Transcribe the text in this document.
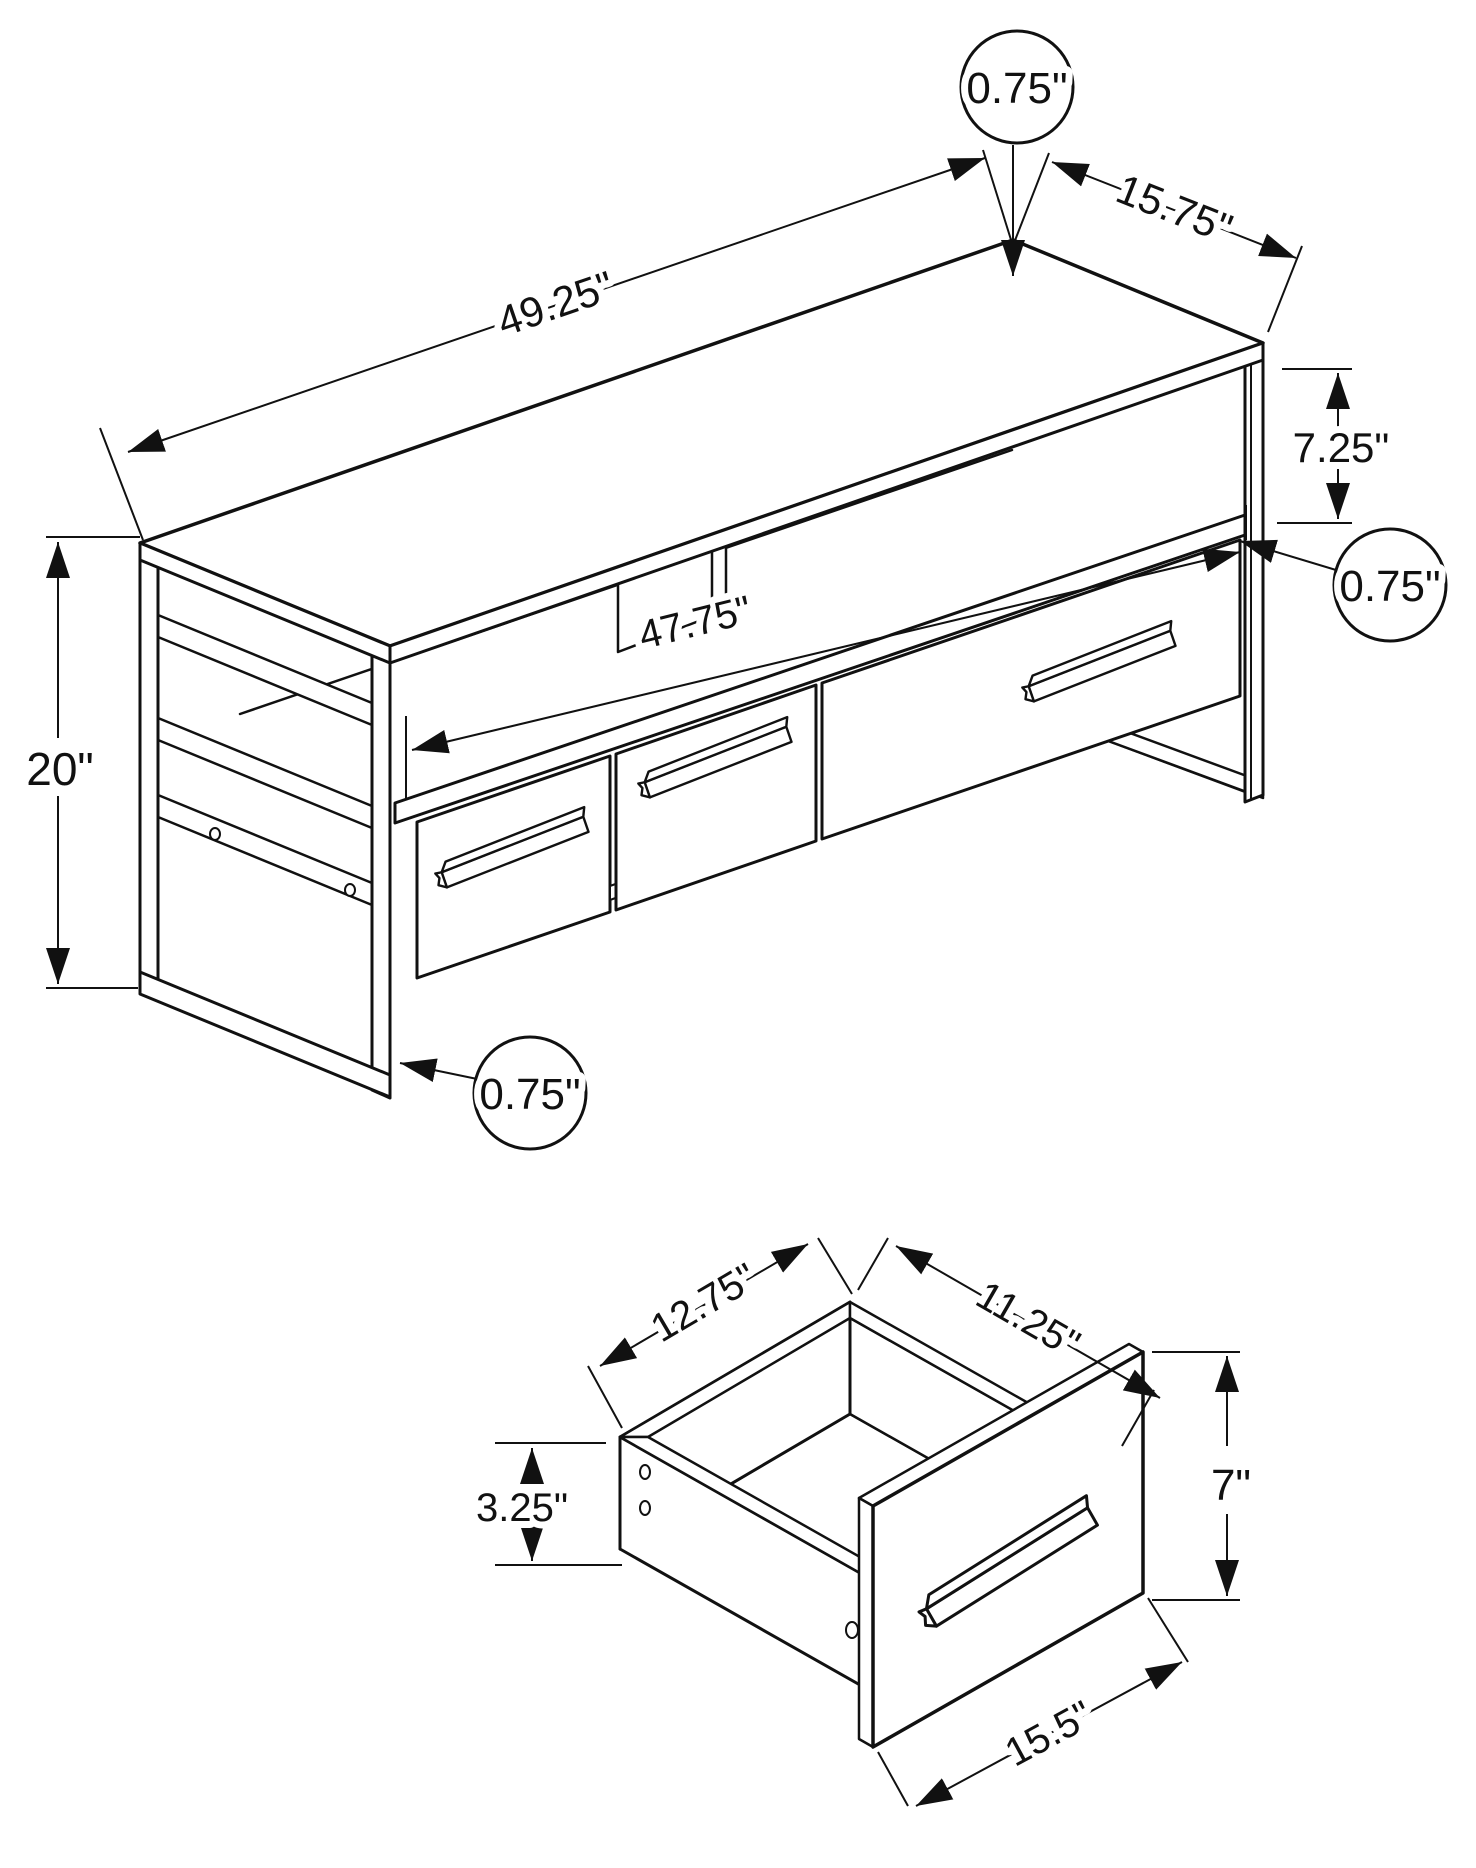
0.75"
49.25"
15.75"
7.25"
0.75"
47.75"
20"
0.75"
12.75"	11.25"
3.25"	7"
15.5"
